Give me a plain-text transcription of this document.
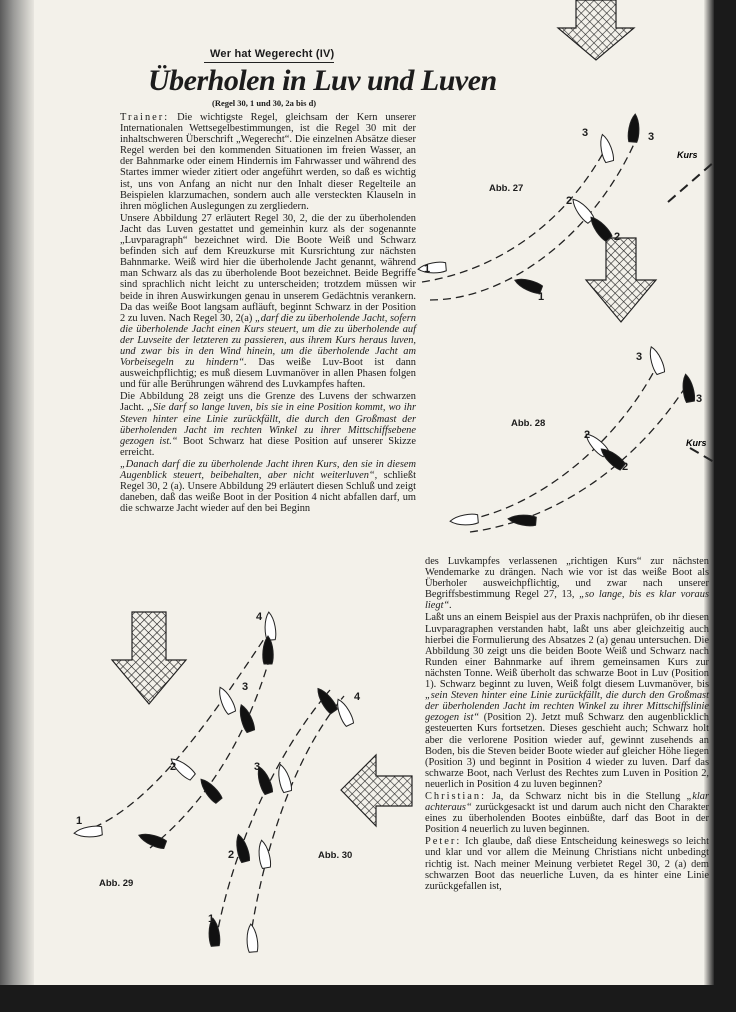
Wer hat Wegerecht (IV)
Überholen in Luv und Luven
(Regel 30, 1 und 30, 2a bis d)

Trainer: Die wichtigste Regel, gleichsam der Kern unserer Internationalen Wettsegelbestimmungen, ist die Regel 30 mit der inhaltschweren Überschrift „Wegerecht“. Die einzelnen Absätze dieser Regel werden bei den kommenden Situationen im freien Wasser, an der Bahnmarke oder einem Hindernis im Fahrwasser und während des Startes immer wieder zitiert oder angeführt werden, so daß es wichtig ist, uns von Anfang an nicht nur den Inhalt dieser Regelteile an Beispielen klarzumachen, sondern auch alle versteckten Klauseln in ihren möglichen Auslegungen zu zergliedern.

Unsere Abbildung 27 erläutert Regel 30, 2, die der zu überholenden Jacht das Luven gestattet und gemeinhin kurz als der sogenannte „Luvparagraph“ bezeichnet wird. Die Boote Weiß und Schwarz befinden sich auf dem Kreuzkurse mit Kursrichtung zur nächsten Bahnmarke. Weiß wird hier die überholende Jacht genannt, während man Schwarz als das zu überholende Boot bezeichnet. Beide Begriffe sind sprachlich nicht leicht zu unterscheiden; trotzdem müssen wir beide in ihren Auswirkungen genau in unserem Gedächtnis verankern. Da das weiße Boot langsam aufläuft, beginnt Schwarz in der Position 2 zu luven. Nach Regel 30, 2(a) „darf die zu überholende Jacht, sofern die überholende Jacht einen Kurs steuert, um die zu überholende auf der Luvseite der letzteren zu passieren, aus ihrem Kurs heraus luven, und zwar bis in den Wind hinein, um die überholende Jacht am Vorbeisegeln zu hindern“. Das weiße Luv-Boot ist dann ausweichpflichtig; es muß diesem Luvmanöver in allen Phasen folgen und für alle Berührungen während des Luvkampfes haften.

Die Abbildung 28 zeigt uns die Grenze des Luvens der schwarzen Jacht. „Sie darf so lange luven, bis sie in eine Position kommt, wo ihr Steven hinter eine Linie zurückfällt, die durch den Großmast der überholenden Jacht im rechten Winkel zu ihrer Mittschiffsebene gezogen ist.“ Boot Schwarz hat diese Position auf unserer Skizze erreicht.

„Danach darf die zu überholende Jacht ihren Kurs, den sie in diesem Augenblick steuert, beibehalten, aber nicht weiterluven“, schließt Regel 30, 2 (a). Unsere Abbildung 29 erläutert diesen Schluß und zeigt daneben, daß das weiße Boot in der Position 4 nicht abfallen darf, um die schwarze Jacht wieder auf den bei Beginn

des Luvkampfes verlassenen „richtigen Kurs“ zur nächsten Wendemarke zu drängen. Nach wie vor ist das weiße Boot als Überholer ausweichpflichtig, und zwar nach unserer Begriffsbestimmung Regel 27, 13, „so lange, bis es klar voraus liegt“.

Laßt uns an einem Beispiel aus der Praxis nachprüfen, ob ihr diesen Luvparagraphen verstanden habt, laßt uns aber gleichzeitig auch hierbei die Formulierung des Absatzes 2 (a) genau untersuchen. Die Abbildung 30 zeigt uns die beiden Boote Weiß und Schwarz nach Runden einer Bahnmarke auf ihrem gemeinsamen Kurs zur nächsten Tonne. Weiß überholt das schwarze Boot in Luv (Position 1). Schwarz beginnt zu luven, Weiß folgt diesem Luvmanöver, bis „sein Steven hinter eine Linie zurückfällt, die durch den Großmast der überholenden Jacht im rechten Winkel zu ihrer Mittschiffslinie gezogen ist“ (Position 2). Jetzt muß Schwarz den augenblicklich gesteuerten Kurs fortsetzen. Dieses geschieht auch; Schwarz holt aber die verlorene Position wieder auf, gewinnt zusehends an Boden, bis die Steven beider Boote wieder auf gleicher Höhe liegen (Position 3) und beginnt in Position 4 wieder zu luven. Darf das schwarze Boot, nach Verlust des Rechtes zum Luven in Position 2, neuerlich in Position 4 zu luven beginnen?

Christian: Ja, da Schwarz nicht bis in die Stellung „klar achteraus“ zurückgesackt ist und darum auch nicht den Charakter eines zu überholenden Bootes einbüßte, darf das Boot in der Position 4 neuerlich zu luven beginnen.

Peter: Ich glaube, daß diese Entscheidung keineswegs so leicht und klar und vor allem die Meinung Christians nicht unbedingt richtig ist. Nach meiner Meinung verbietet Regel 30, 2 (a) dem schwarzen Boot das neuerliche Luven, da es hinter eine Linie zurückgefallen ist,

1
1
2
2
3	3
2
2
3
3
1
2
3
4
1
2
3
4
Kurs
Kurs
Abb. 27
Abb. 28
Abb. 29
Abb. 30
